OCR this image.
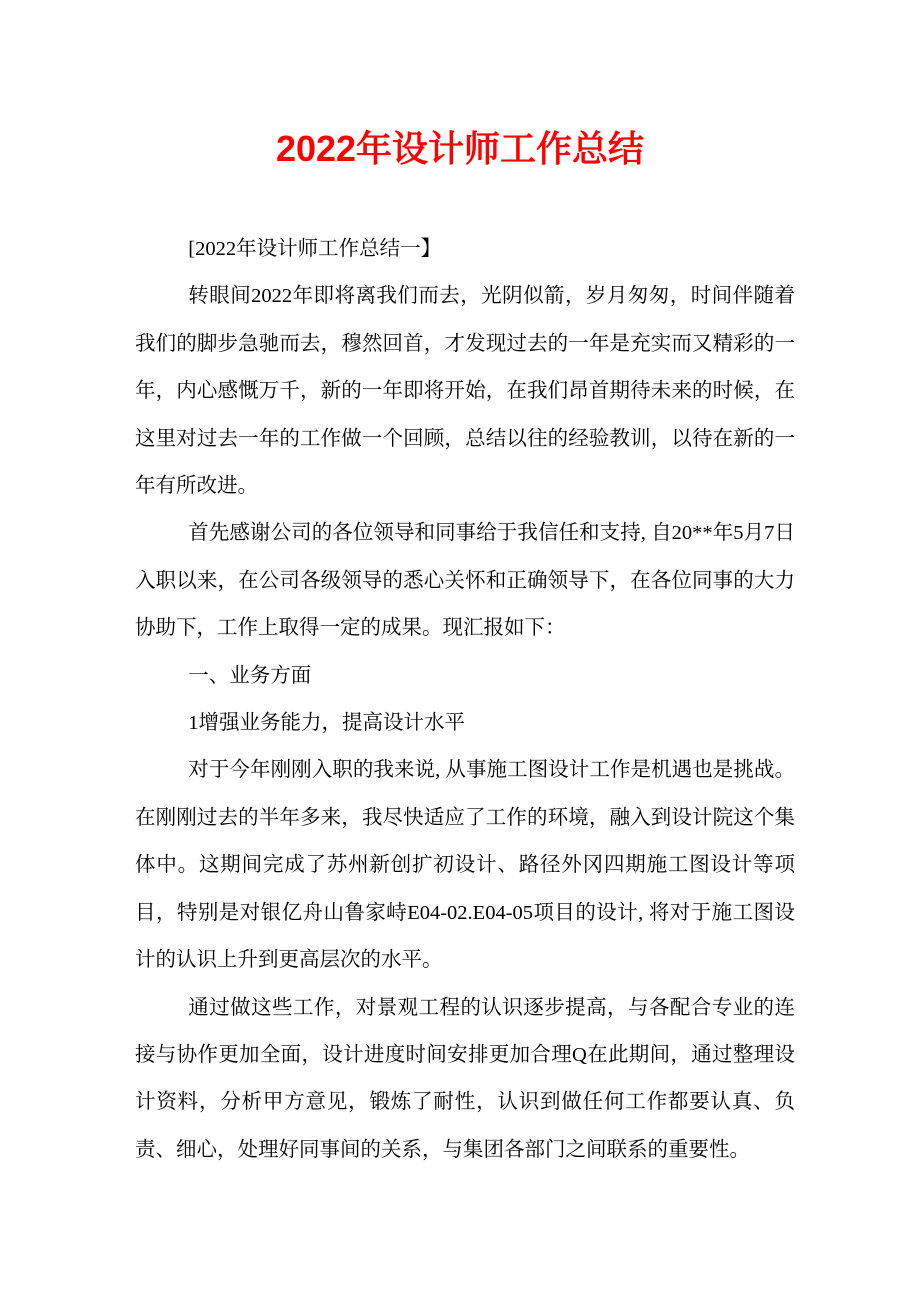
2022年设计师工作总结

[2022年设计师工作总结一】

转眼间2022年即将离我们而去，光阴似箭，岁月匆匆，时间伴随着我们的脚步急驰而去，穆然回首，才发现过去的一年是充实而又精彩的一年，内心感慨万千，新的一年即将开始，在我们昂首期待未来的时候，在这里对过去一年的工作做一个回顾，总结以往的经验教训，以待在新的一年有所改进。

首先感谢公司的各位领导和同事给于我信任和支持, 自20**年5月7日入职以来，在公司各级领导的悉心关怀和正确领导下，在各位同事的大力协助下，工作上取得一定的成果。现汇报如下：

一、业务方面

1增强业务能力，提高设计水平

对于今年刚刚入职的我来说, 从事施工图设计工作是机遇也是挑战。在刚刚过去的半年多来，我尽快适应了工作的环境，融入到设计院这个集体中。这期间完成了苏州新创扩初设计、路径外冈四期施工图设计等项目，特别是对银亿舟山鲁家峙E04-02.E04-05项目的设计, 将对于施工图设计的认识上升到更高层次的水平。

通过做这些工作，对景观工程的认识逐步提高，与各配合专业的连接与协作更加全面，设计进度时间安排更加合理Q在此期间，通过整理设计资料，分析甲方意见，锻炼了耐性，认识到做任何工作都要认真、负责、细心，处理好同事间的关系，与集团各部门之间联系的重要性。
